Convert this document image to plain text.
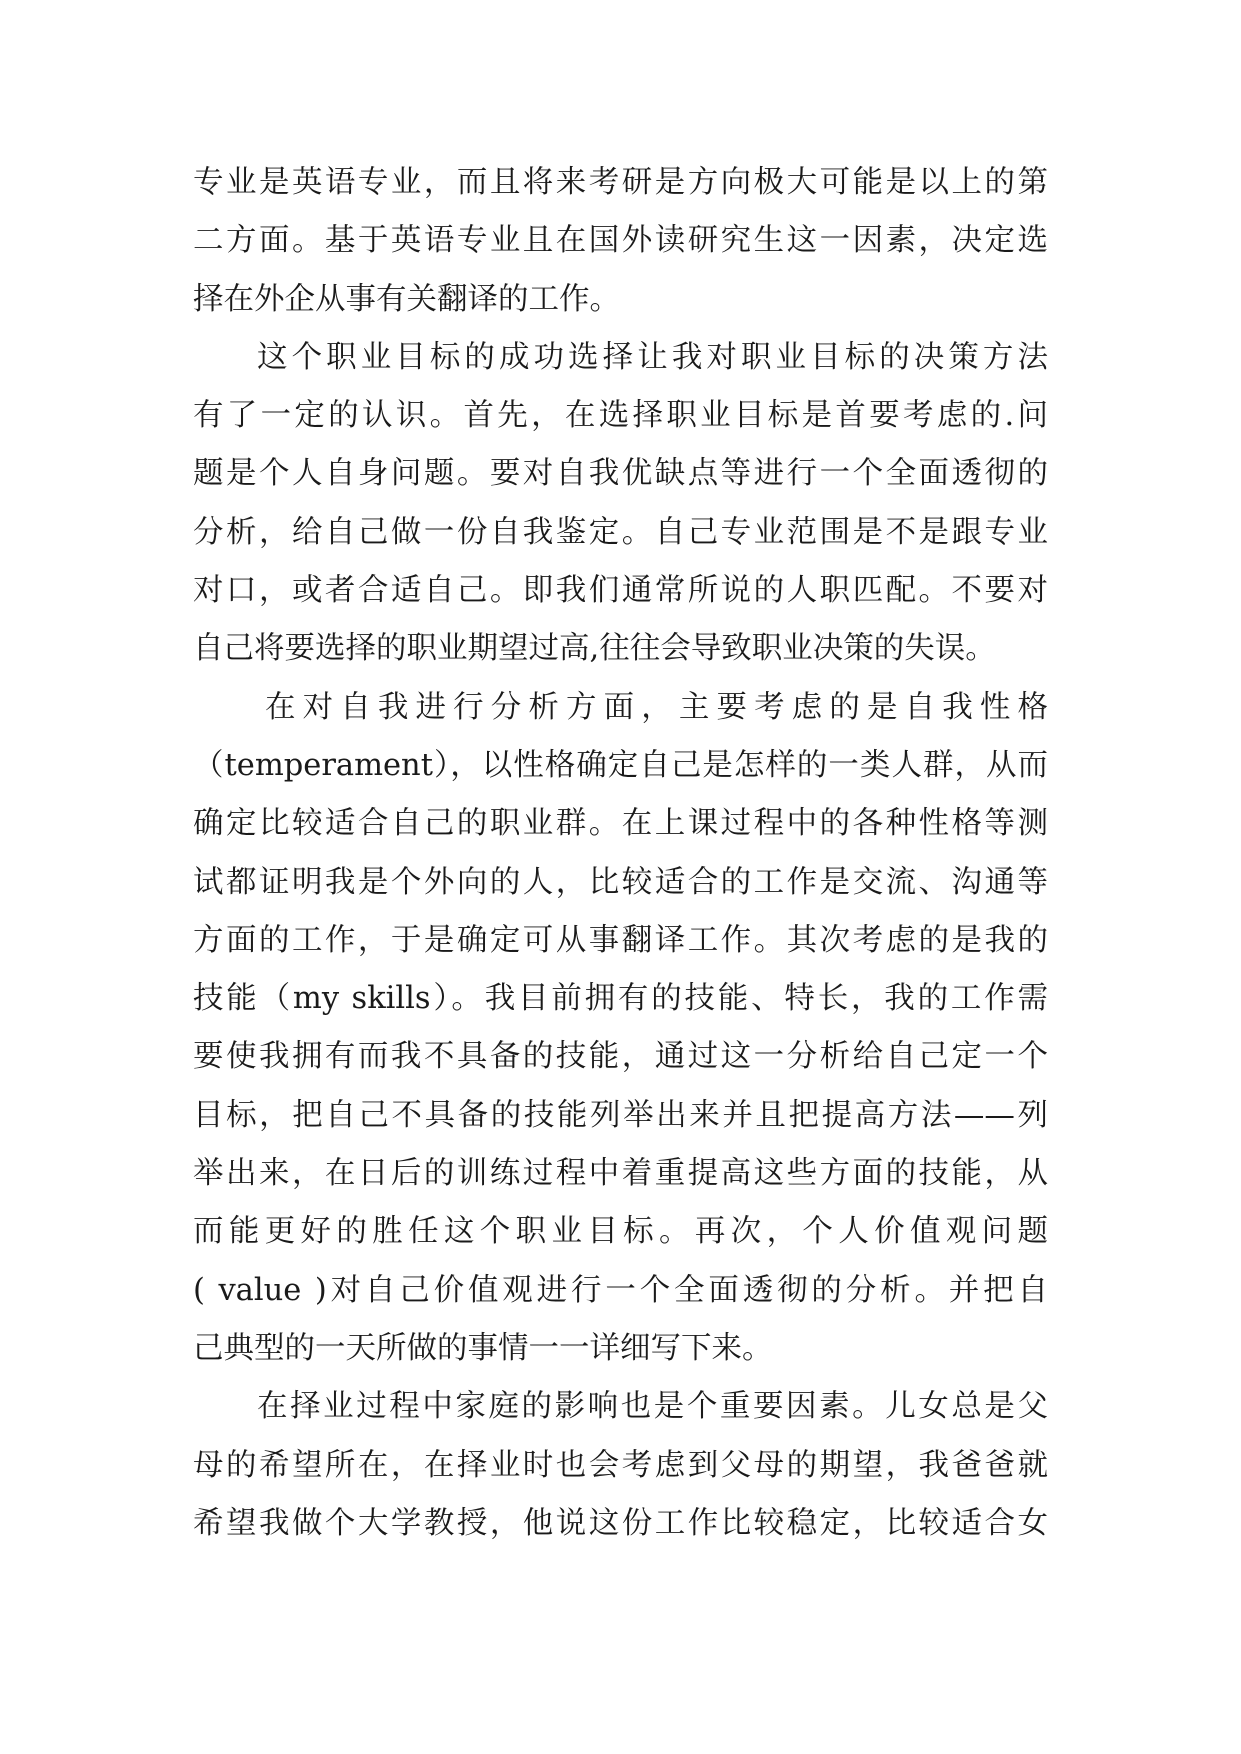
专业是英语专业，而且将来考研是方向极大可能是以上的第
二方面。基于英语专业且在国外读研究生这一因素，决定选
择在外企从事有关翻译的工作。
这个职业目标的成功选择让我对职业目标的决策方法
有了一定的认识。首先，在选择职业目标是首要考虑的.问
题是个人自身问题。要对自我优缺点等进行一个全面透彻的
分析，给自己做一份自我鉴定。自己专业范围是不是跟专业
对口，或者合适自己。即我们通常所说的人职匹配。不要对
自己将要选择的职业期望过高,往往会导致职业决策的失误。
在对自我进行分析方面，主要考虑的是自我性格
（temperament），以性格确定自己是怎样的一类人群，从而
确定比较适合自己的职业群。在上课过程中的各种性格等测
试都证明我是个外向的人，比较适合的工作是交流、沟通等
方面的工作，于是确定可从事翻译工作。其次考虑的是我的
技能（my skills）。我目前拥有的技能、特长，我的工作需
要使我拥有而我不具备的技能，通过这一分析给自己定一个
目标，把自己不具备的技能列举出来并且把提高方法——列
举出来，在日后的训练过程中着重提高这些方面的技能，从
而能更好的胜任这个职业目标。再次，个人价值观问题
( value )对自己价值观进行一个全面透彻的分析。并把自
己典型的一天所做的事情一一详细写下来。
在择业过程中家庭的影响也是个重要因素。儿女总是父
母的希望所在，在择业时也会考虑到父母的期望，我爸爸就
希望我做个大学教授，他说这份工作比较稳定，比较适合女
